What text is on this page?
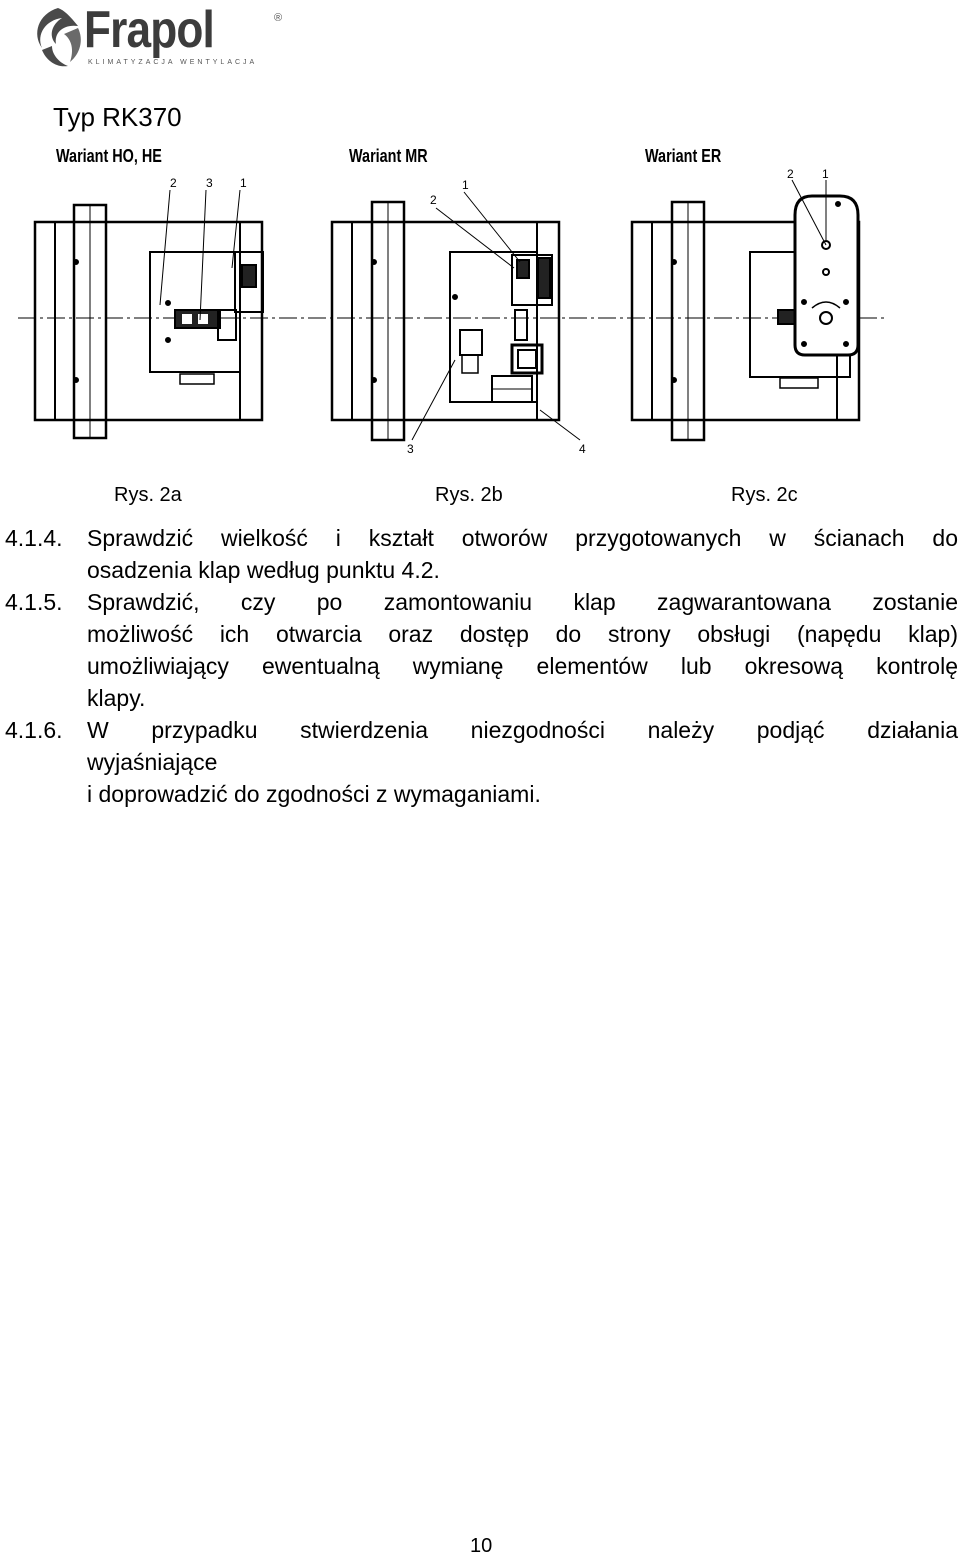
Frapol	®
KLIMATYZACJA WENTYLACJA
Typ RK370
Wariant HO, HE	Wariant MR	Wariant ER
2 3 1	1
2
3	4
2 1
Rys. 2a	Rys. 2b	Rys. 2c
4.1.4.	Sprawdzić wielkość i kształt otworów przygotowanych w ścianach do
osadzenia klap według punktu 4.2.
4.1.5.	Sprawdzić, czy po zamontowaniu klap zagwarantowana zostanie
możliwość ich otwarcia oraz dostęp do strony obsługi (napędu klap)
umożliwiający ewentualną wymianę elementów lub okresową kontrolę
klapy.
4.1.6.	W przypadku stwierdzenia niezgodności należy podjąć działania
wyjaśniające
i doprowadzić do zgodności z wymaganiami.
10
